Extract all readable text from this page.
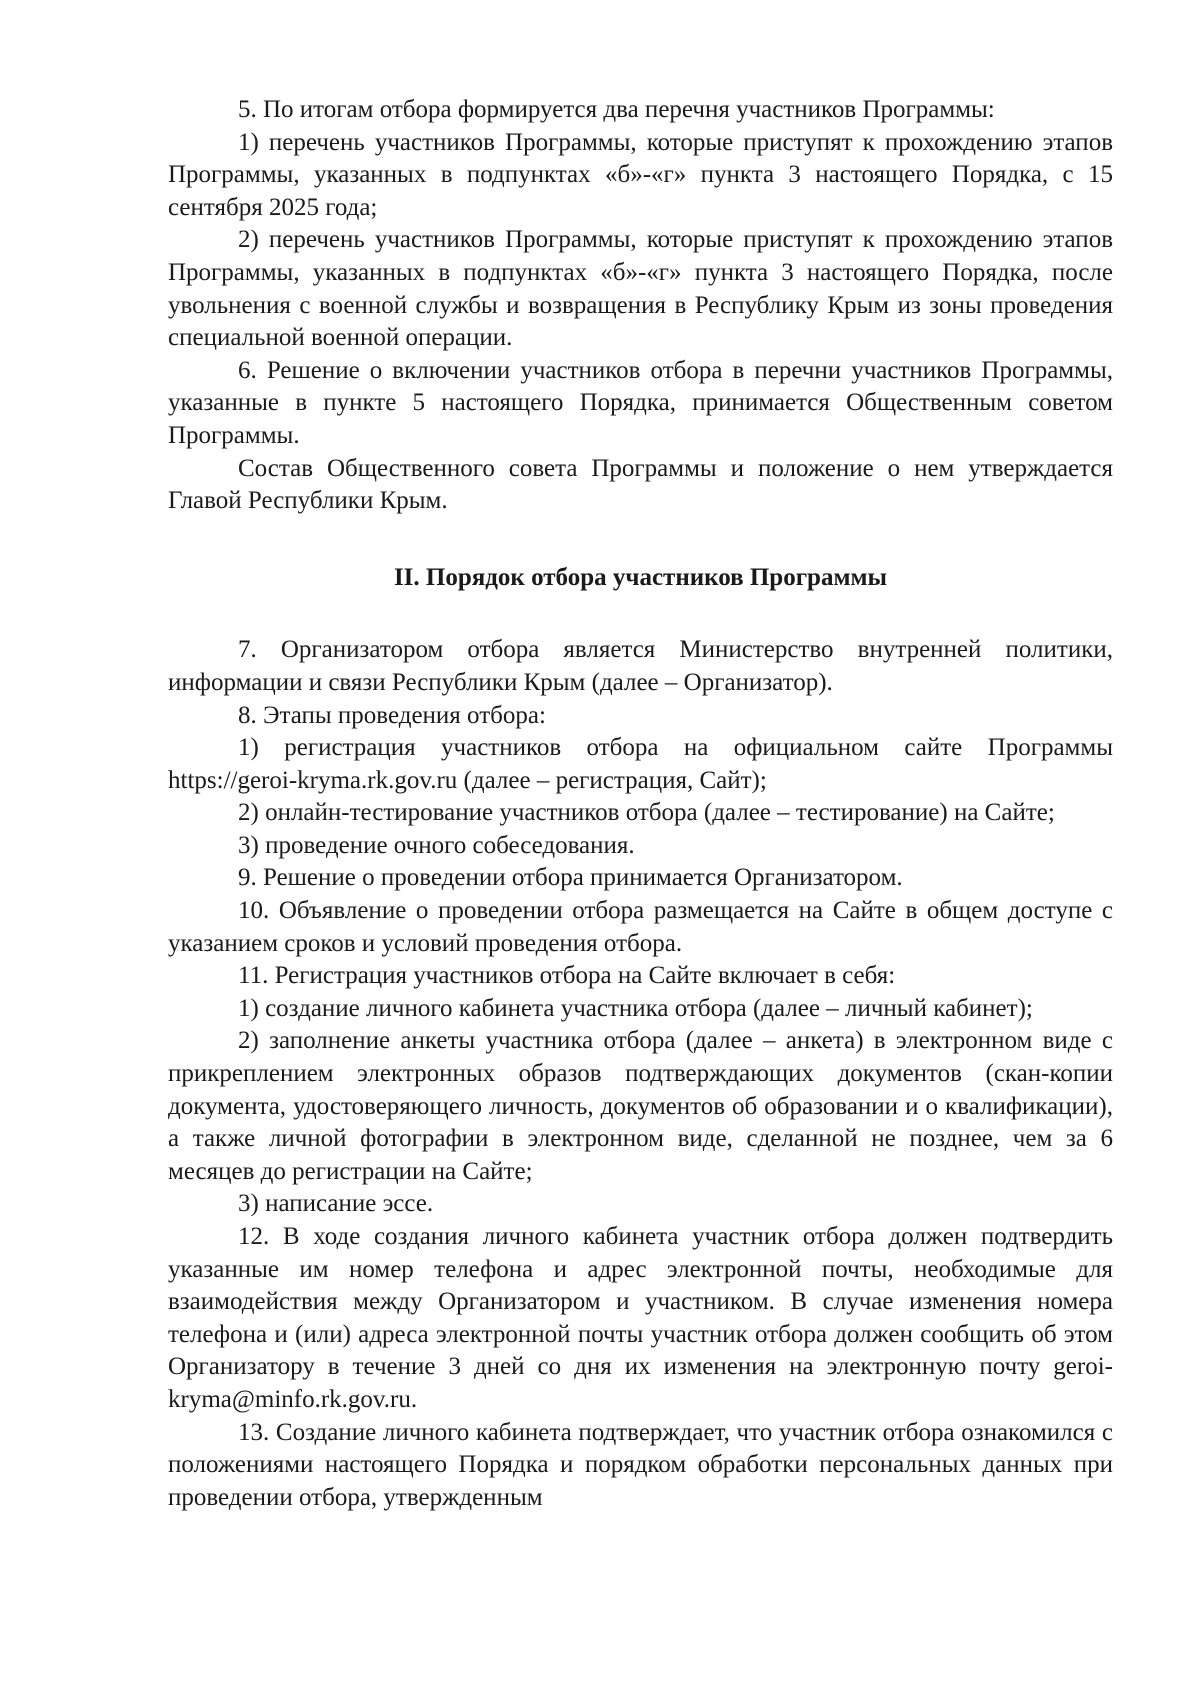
5. По итогам отбора формируется два перечня участников Программы:

1) перечень участников Программы, которые приступят к прохождению этапов Программы, указанных в подпунктах «б»-«г» пункта 3 настоящего Порядка, с 15 сентября 2025 года;

2) перечень участников Программы, которые приступят к прохождению этапов Программы, указанных в подпунктах «б»-«г» пункта 3 настоящего Порядка, после увольнения с военной службы и возвращения в Республику Крым из зоны проведения специальной военной операции.

6. Решение о включении участников отбора в перечни участников Программы, указанные в пункте 5 настоящего Порядка, принимается Общественным советом Программы.

Состав Общественного совета Программы и положение о нем утверждается Главой Республики Крым.

II. Порядок отбора участников Программы

7. Организатором отбора является Министерство внутренней политики, информации и связи Республики Крым (далее – Организатор).

8. Этапы проведения отбора:

1) регистрация участников отбора на официальном сайте Программы https://geroi-kryma.rk.gov.ru (далее – регистрация, Сайт);

2) онлайн-тестирование участников отбора (далее – тестирование) на Сайте;

3) проведение очного собеседования.

9. Решение о проведении отбора принимается Организатором.

10. Объявление о проведении отбора размещается на Сайте в общем доступе с указанием сроков и условий проведения отбора.

11. Регистрация участников отбора на Сайте включает в себя:

1) создание личного кабинета участника отбора (далее – личный кабинет);

2) заполнение анкеты участника отбора (далее – анкета) в электронном виде с прикреплением электронных образов подтверждающих документов (скан-копии документа, удостоверяющего личность, документов об образовании и о квалификации), а также личной фотографии в электронном виде, сделанной не позднее, чем за 6 месяцев до регистрации на Сайте;

3) написание эссе.

12. В ходе создания личного кабинета участник отбора должен подтвердить указанные им номер телефона и адрес электронной почты, необходимые для взаимодействия между Организатором и участником. В случае изменения номера телефона и (или) адреса электронной почты участник отбора должен сообщить об этом Организатору в течение 3 дней со дня их изменения на электронную почту geroi-kryma@minfo.rk.gov.ru.

13. Создание личного кабинета подтверждает, что участник отбора ознакомился с положениями настоящего Порядка и порядком обработки персональных данных при проведении отбора, утвержденным
